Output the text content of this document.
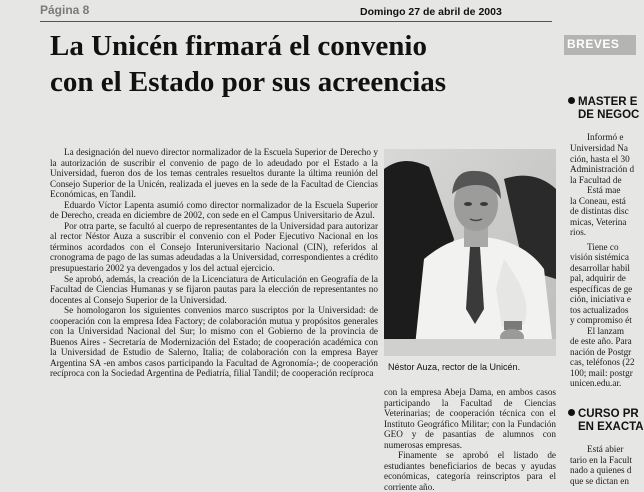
Página 8	Domingo 27 de abril de 2003
La Unicén firmará el convenio
con el Estado por sus acreencias

La designación del nuevo director normalizador de la Escuela Superior de Derecho y la autorización de suscribir el convenio de pago de lo adeudado por el Estado a la Universidad, fueron dos de los temas centrales resueltos durante la última reunión del Consejo Superior de la Unicén, realizada el jueves en la sede de la Facultad de Ciencias Económicas, en Tandil.

Eduardo Víctor Lapenta asumió como director normalizador de la Escuela Superior de Derecho, creada en diciembre de 2002, con sede en el Campus Universitario de Azul.

Por otra parte, se facultó al cuerpo de representantes de la Universidad para autorizar al rector Néstor Auza a suscribir el convenio con el Poder Ejecutivo Nacional en los términos acordados con el Consejo Interuniversitario Nacional (CIN), referidos al cronograma de pago de las sumas adeudadas a la Universidad, correspondientes a crédito presupuestario 2002 ya devengados y los del actual ejercicio.

Se aprobó, además, la creación de la Licenciatura de Articulación en Geografía de la Facultad de Ciencias Humanas y se fijaron pautas para la elección de representantes no docentes al Consejo Superior de la Universidad.

Se homologaron los siguientes convenios marco suscriptos por la Universidad: de cooperación con la empresa Idea Factory; de colaboración mutua y propósitos generales con la Universidad Nacional del Sur; lo mismo con el Gobierno de la provincia de Buenos Aires - Secretaría de Modernización del Estado; de cooperación académica con la Universidad de Estudio de Salerno, Italia; de colaboración con la empresa Bayer Argentina SA -en ambos casos participando la Facultad de Agronomía-; de cooperación recíproca con la Sociedad Argentina de Pediatría, filial Tandil; de cooperación recíproca

Néstor Auza, rector de la Unicén.

con la empresa Abeja Dama, en ambos casos participando la Facultad de Ciencias Veterinarias; de cooperación técnica con el Instituto Geográfico Militar; con la Fundación GEO y de pasantías de alumnos con numerosas empresas.

Finamente se aprobó el listado de estudiantes beneficiarios de becas y ayudas económicas, categoría reinscriptos para el corriente año.

BREVES
MASTER E
DE NEGOC
Informó e
Universidad Na
ción, hasta el 30
Administración d
la Facultad de
Está mae
la Coneau, está
de distintas disc
micas, Veterina
rios.
Tiene co
visión sistémica
desarrollar habil
pal, adquirir de
específicas de ge
ción, iniciativa e
tos actualizados
y compromiso ét
El lanzam
de este año. Para
nación de Postgr
cas, teléfonos (22
100; mail: postgr
unicen.edu.ar.
CURSO PR
EN EXACTA
Está abier
tario en la Facult
nado a quienes d
que se dictan en
